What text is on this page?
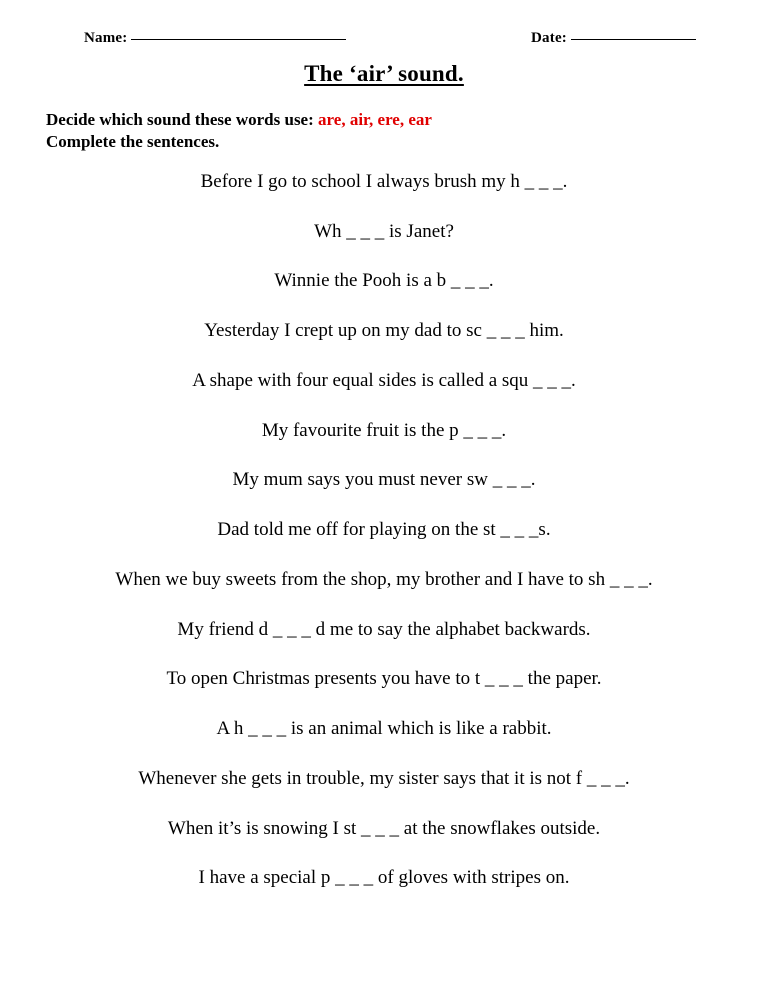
Name:	Date:
The ‘air’ sound.
Decide which sound these words use: are, air, ere, ear
Complete the sentences.

Before I go to school I always brush my h _ _ _.

Wh _ _ _ is Janet?

Winnie the Pooh is a b _ _ _.

Yesterday I crept up on my dad to sc _ _ _ him.

A shape with four equal sides is called a squ _ _ _.

My favourite fruit is the p _ _ _.

My mum says you must never sw _ _ _.

Dad told me off for playing on the st _ _ _s.

When we buy sweets from the shop, my brother and I have to sh _ _ _.

My friend d _ _ _ d me to say the alphabet backwards.

To open Christmas presents you have to t _ _ _ the paper.

A h _ _ _ is an animal which is like a rabbit.

Whenever she gets in trouble, my sister says that it is not f _ _ _.

When it’s is snowing I st _ _ _ at the snowflakes outside.

I have a special p _ _ _ of gloves with stripes on.
